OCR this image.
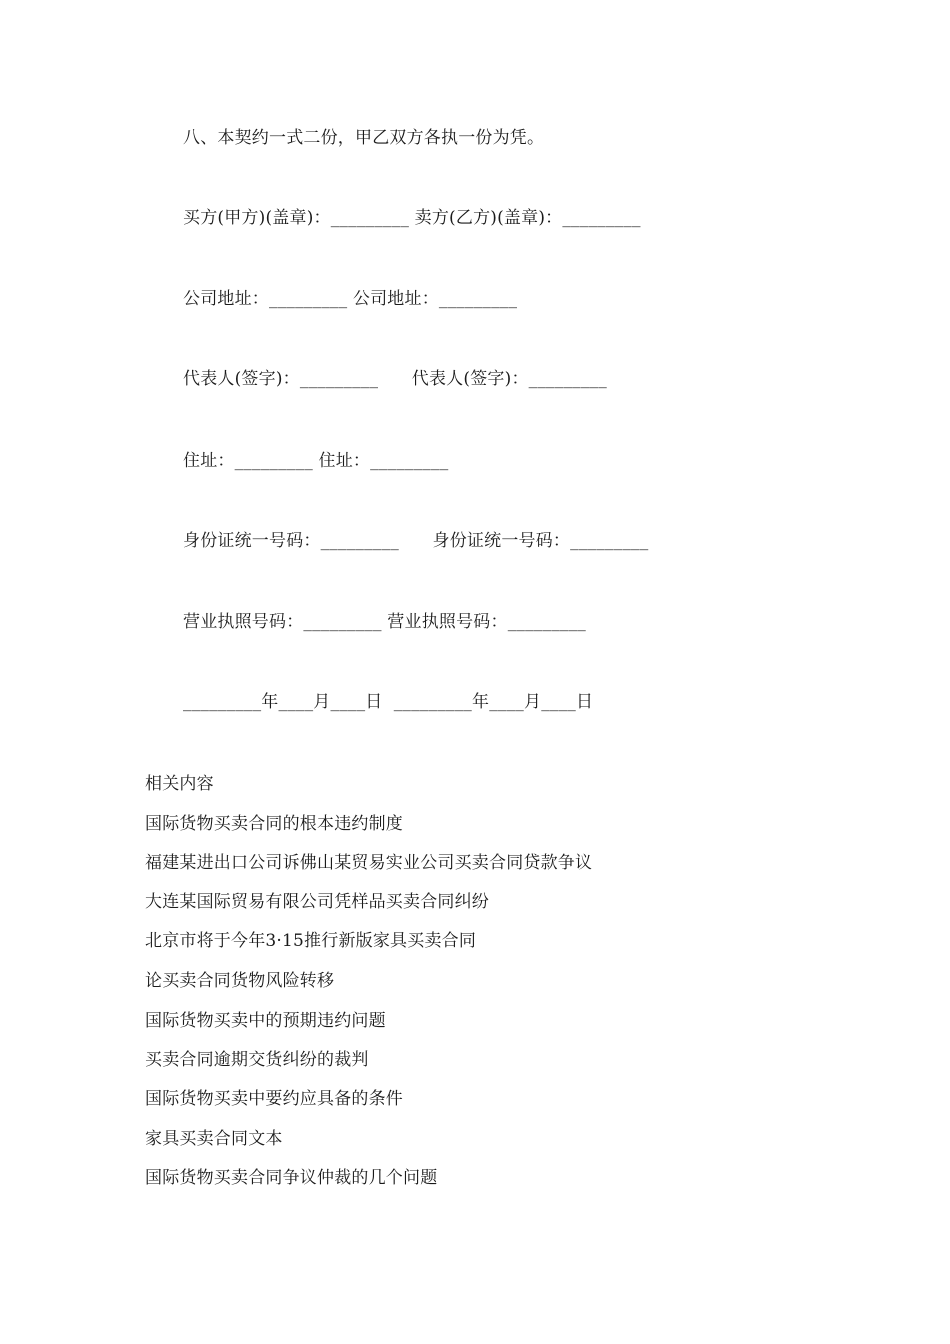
八、本契约一式二份，甲乙双方各执一份为凭。
买方(甲方)(盖章)：_________ 卖方(乙方)(盖章)：_________
公司地址：_________ 公司地址：_________
代表人(签字)：_________      代表人(签字)：_________
住址：_________ 住址：_________
身份证统一号码：_________      身份证统一号码：_________
营业执照号码：_________ 营业执照号码：_________
_________年____月____日  _________年____月____日
相关内容
国际货物买卖合同的根本违约制度
福建某进出口公司诉佛山某贸易实业公司买卖合同贷款争议
大连某国际贸易有限公司凭样品买卖合同纠纷
北京市将于今年3·15推行新版家具买卖合同
论买卖合同货物风险转移
国际货物买卖中的预期违约问题
买卖合同逾期交货纠纷的裁判
国际货物买卖中要约应具备的条件
家具买卖合同文本
国际货物买卖合同争议仲裁的几个问题
